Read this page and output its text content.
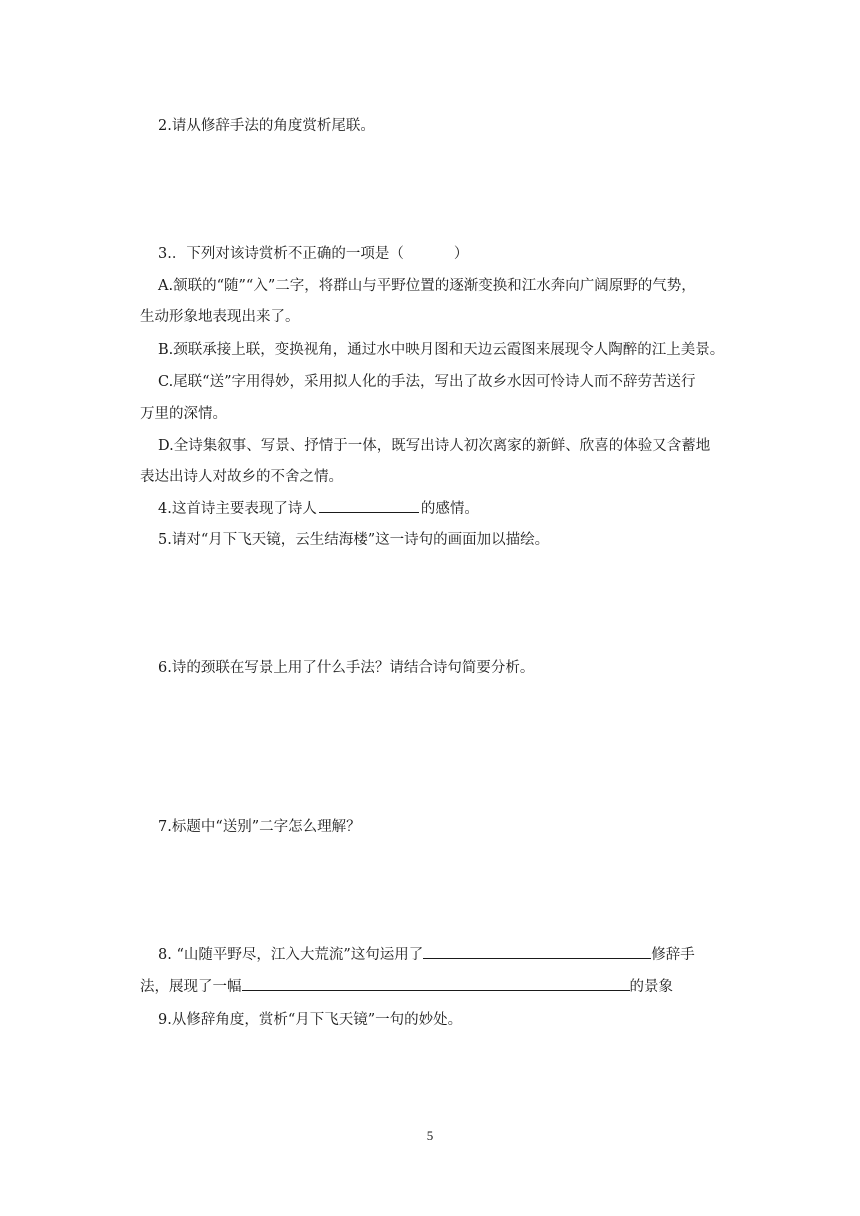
2.请从修辞手法的角度赏析尾联。
3.．下列对该诗赏析不正确的一项是（	）
A.颔联的“随”“入”二字，将群山与平野位置的逐渐变换和江水奔向广阔原野的气势，
生动形象地表现出来了。
B.颈联承接上联，变换视角，通过水中映月图和天边云霞图来展现令人陶醉的江上美景。
C.尾联“送”字用得妙，采用拟人化的手法，写出了故乡水因可怜诗人而不辞劳苦送行
万里的深情。
D.全诗集叙事、写景、抒情于一体，既写出诗人初次离家的新鲜、欣喜的体验又含蓄地
表达出诗人对故乡的不舍之情。
4.这首诗主要表现了诗人	的感情。
5.请对“月下飞天镜，云生结海楼”这一诗句的画面加以描绘。
6.诗的颈联在写景上用了什么手法？请结合诗句简要分析。
7.标题中“送别”二字怎么理解？
8. “山随平野尽，江入大荒流”这句运用了	修辞手
法，展现了一幅	的景象
9.从修辞角度，赏析“月下飞天镜”一句的妙处。
5
